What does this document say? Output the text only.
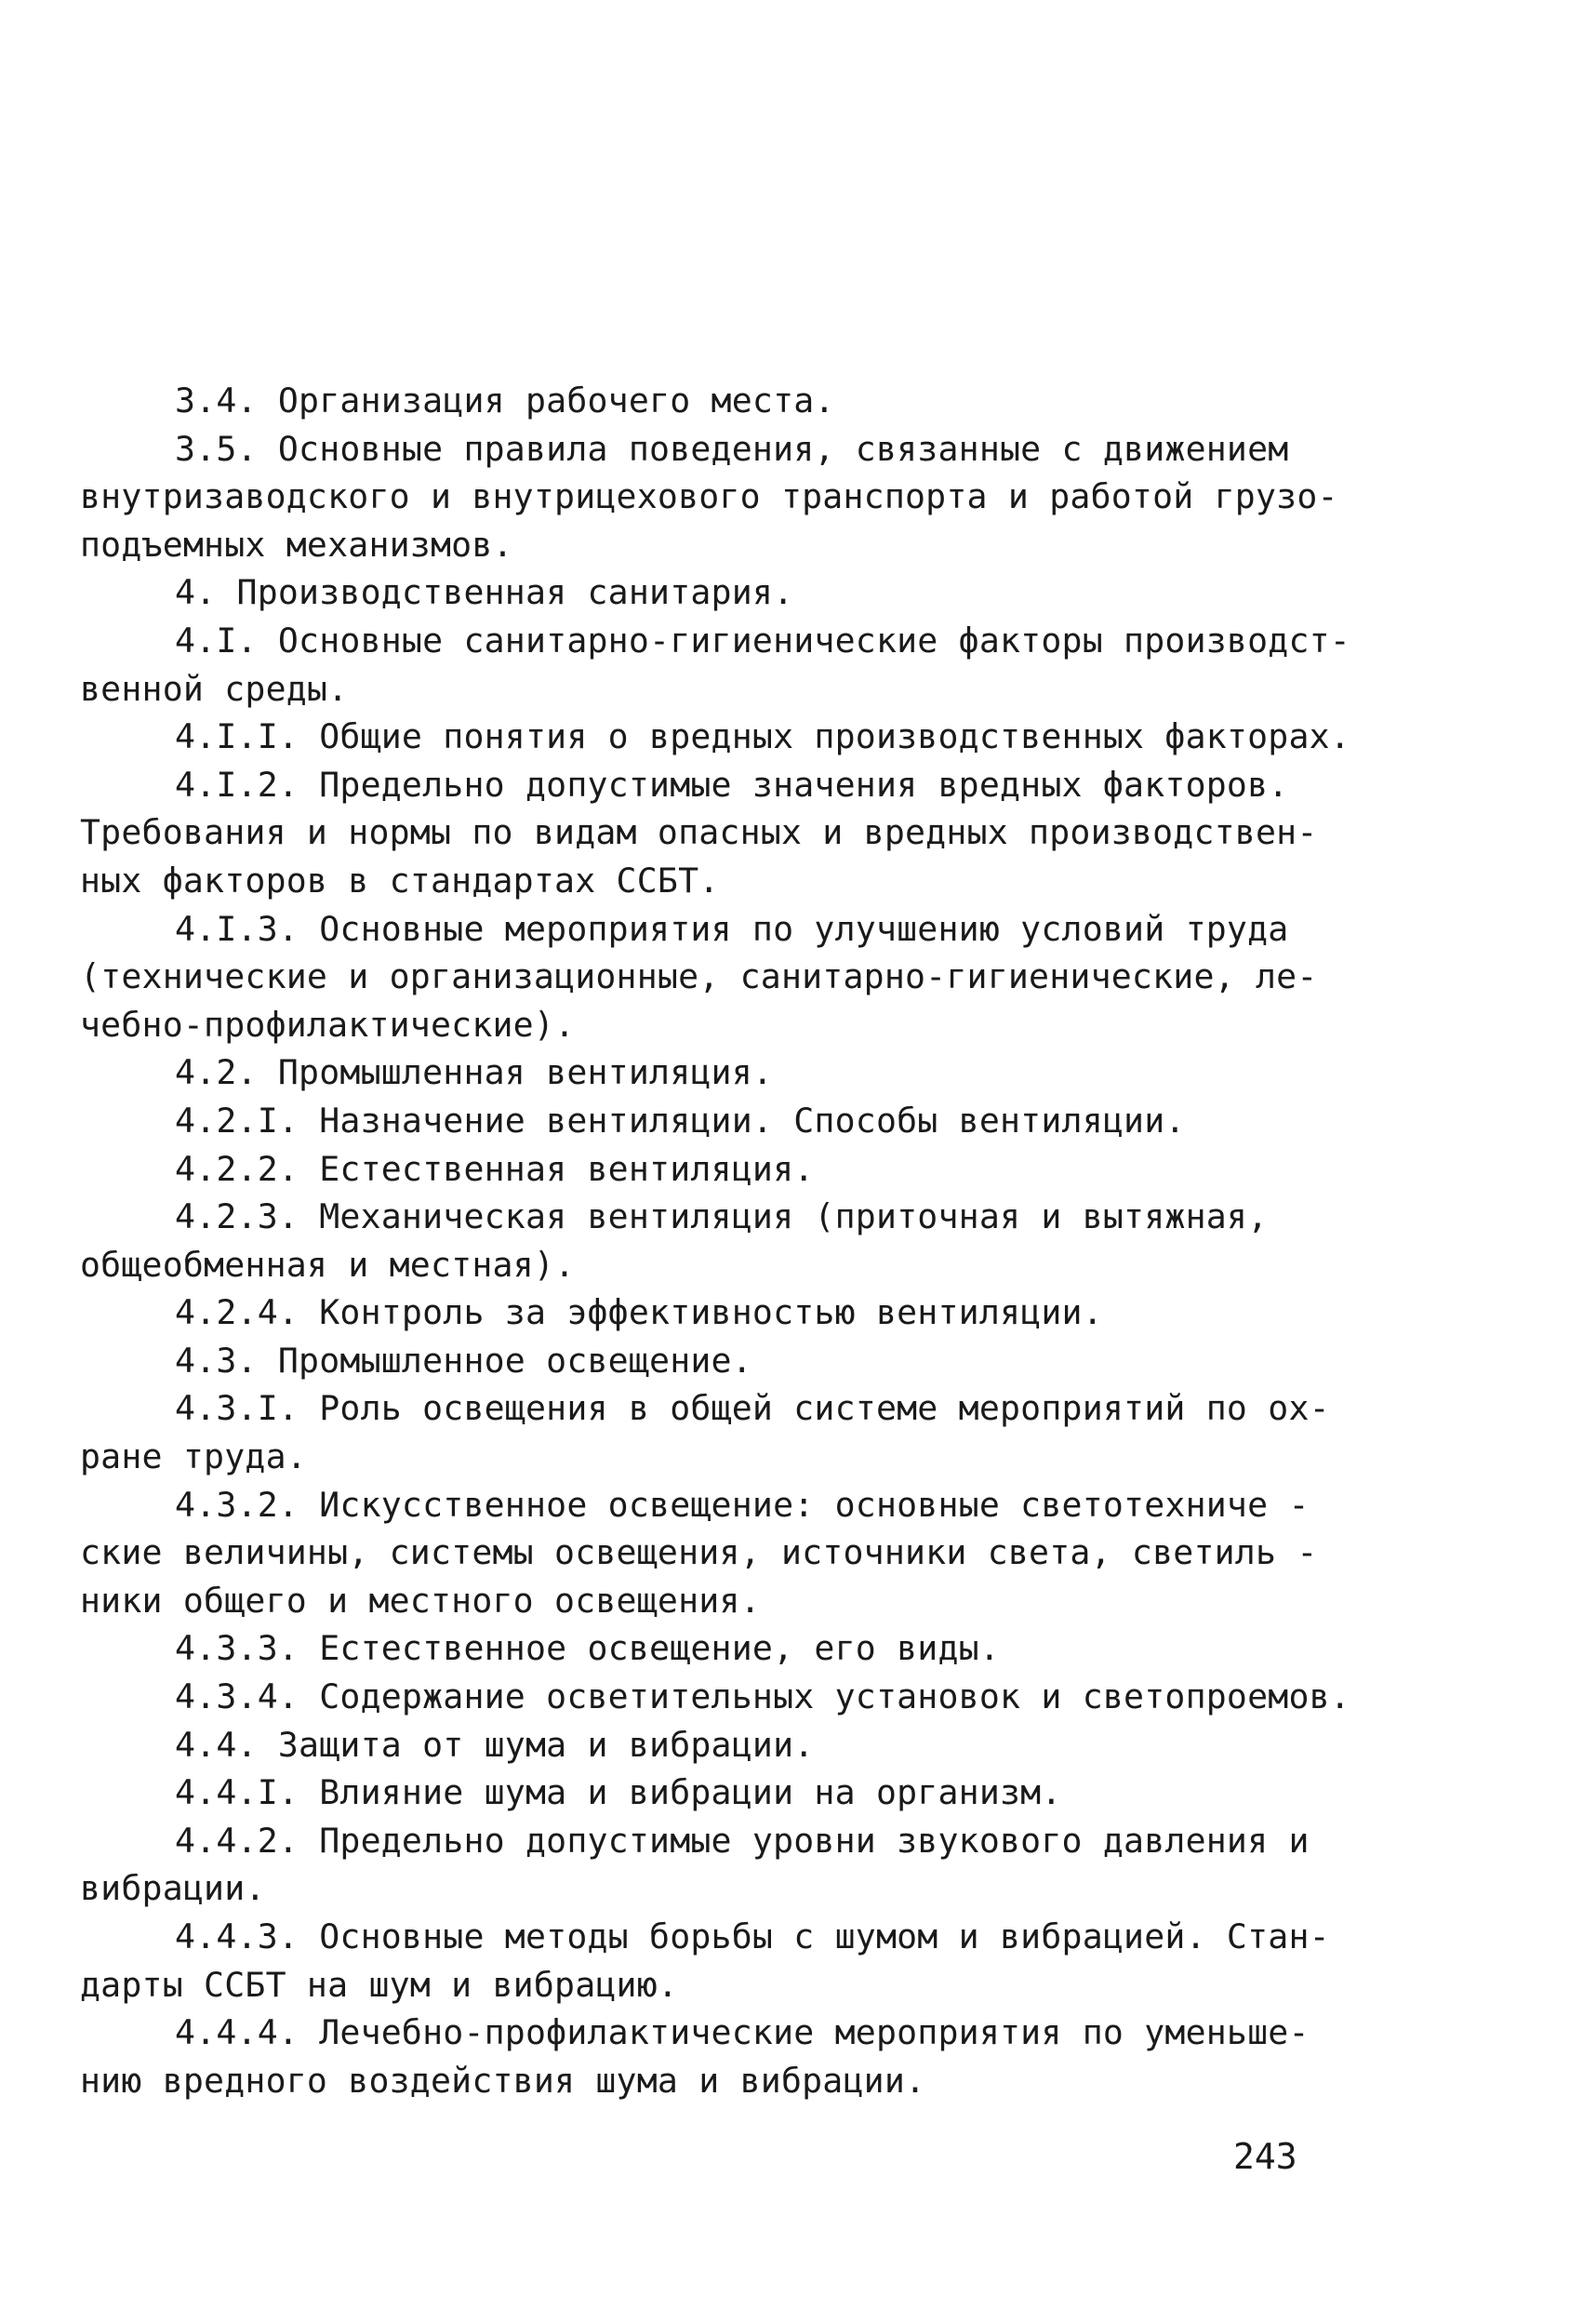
3.4. Организация рабочего места.
3.5. Основные правила поведения, связанные с движением
внутризаводского и внутрицехового транспорта и работой грузо-
подъемных механизмов.
4. Производственная санитария.
4.I. Основные санитарно-гигиенические факторы производст-
венной среды.
4.I.I. Общие понятия о вредных производственных факторах.
4.I.2. Предельно допустимые значения вредных факторов.
Требования и нормы по видам опасных и вредных производствен-
ных факторов в стандартах ССБТ.
4.I.3. Основные мероприятия по улучшению условий труда
(технические и организационные, санитарно-гигиенические, ле-
чебно-профилактические).
4.2. Промышленная вентиляция.
4.2.I. Назначение вентиляции. Способы вентиляции.
4.2.2. Естественная вентиляция.
4.2.3. Механическая вентиляция (приточная и вытяжная,
общеобменная и местная).
4.2.4. Контроль за эффективностью вентиляции.
4.3. Промышленное освещение.
4.3.I. Роль освещения в общей системе мероприятий по ох-
ране труда.
4.3.2. Искусственное освещение: основные светотехниче -
ские величины, системы освещения, источники света, светиль -
ники общего и местного освещения.
4.3.3. Естественное освещение, его виды.
4.3.4. Содержание осветительных установок и светопроемов.
4.4. Защита от шума и вибрации.
4.4.I. Влияние шума и вибрации на организм.
4.4.2. Предельно допустимые уровни звукового давления и
вибрации.
4.4.3. Основные методы борьбы с шумом и вибрацией. Стан-
дарты ССБТ на шум и вибрацию.
4.4.4. Лечебно-профилактические мероприятия по уменьше-
нию вредного воздействия шума и вибрации.
243
